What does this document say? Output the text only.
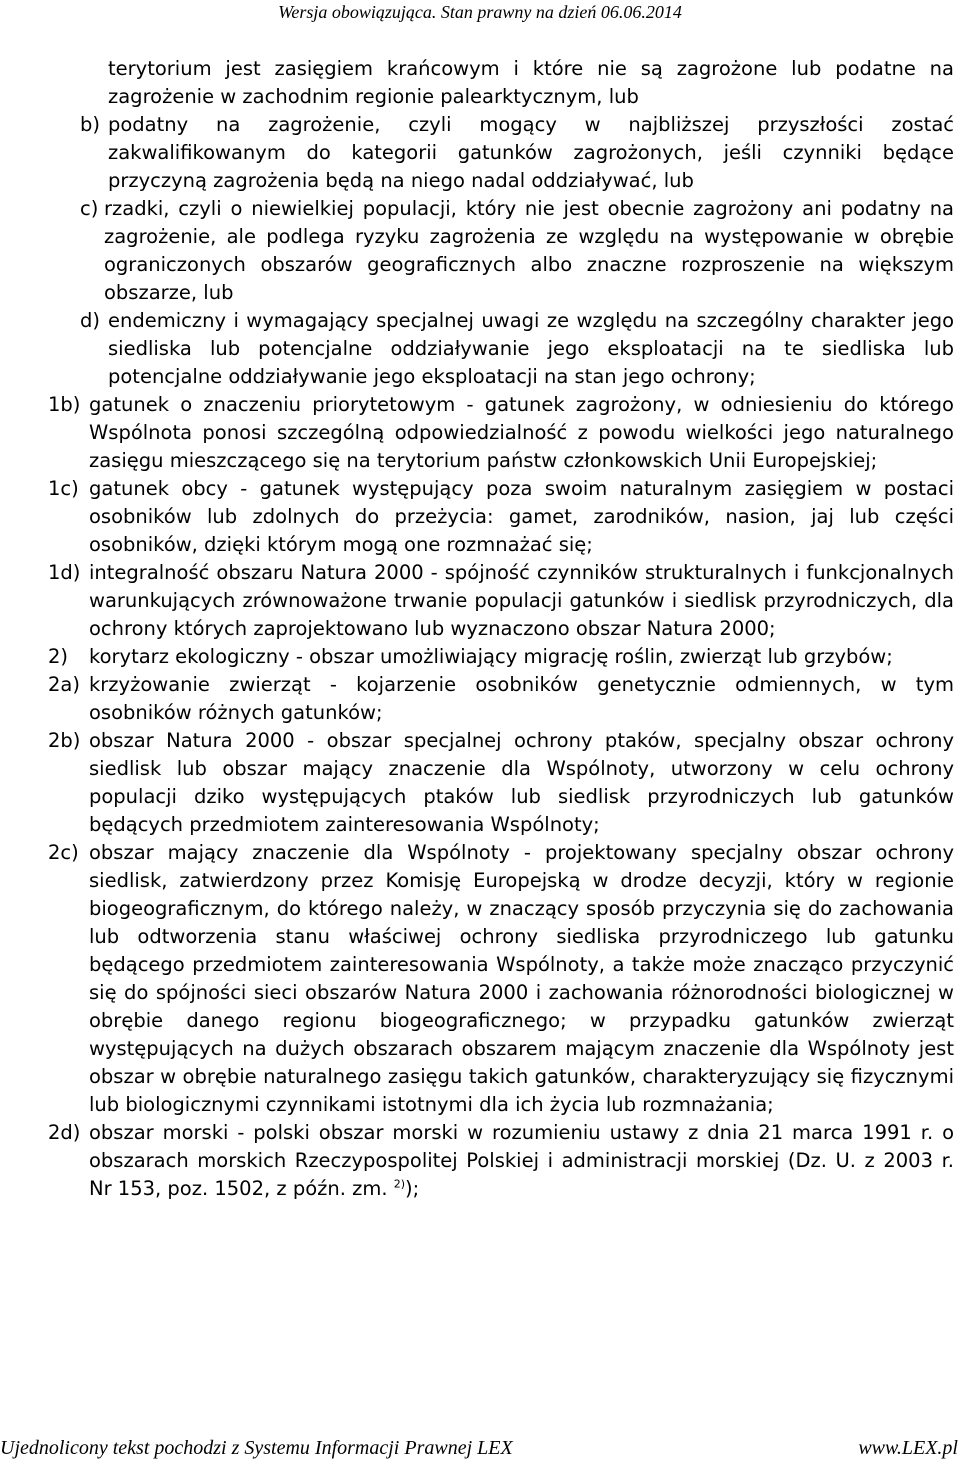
Wersja obowiązująca. Stan prawny na dzień 06.06.2014
terytorium jest zasięgiem krańcowym i które nie są zagrożone lub podatne na zagrożenie w zachodnim regionie palearktycznym, lub
b) podatny na zagrożenie, czyli mogący w najbliższej przyszłości zostać zakwalifikowanym do kategorii gatunków zagrożonych, jeśli czynniki będące przyczyną zagrożenia będą na niego nadal oddziaływać, lub
c) rzadki, czyli o niewielkiej populacji, który nie jest obecnie zagrożony ani podatny na zagrożenie, ale podlega ryzyku zagrożenia ze względu na występowanie w obrębie ograniczonych obszarów geograficznych albo znaczne rozproszenie na większym obszarze, lub
d) endemiczny i wymagający specjalnej uwagi ze względu na szczególny charakter jego siedliska lub potencjalne oddziaływanie jego eksploatacji na te siedliska lub potencjalne oddziaływanie jego eksploatacji na stan jego ochrony;
1b) gatunek o znaczeniu priorytetowym - gatunek zagrożony, w odniesieniu do którego Wspólnota ponosi szczególną odpowiedzialność z powodu wielkości jego naturalnego zasięgu mieszczącego się na terytorium państw członkowskich Unii Europejskiej;
1c) gatunek obcy - gatunek występujący poza swoim naturalnym zasięgiem w postaci osobników lub zdolnych do przeżycia: gamet, zarodników, nasion, jaj lub części osobników, dzięki którym mogą one rozmnażać się;
1d) integralność obszaru Natura 2000 - spójność czynników strukturalnych i funkcjonalnych warunkujących zrównoważone trwanie populacji gatunków i siedlisk przyrodniczych, dla ochrony których zaprojektowano lub wyznaczono obszar Natura 2000;
2) korytarz ekologiczny - obszar umożliwiający migrację roślin, zwierząt lub grzybów;
2a) krzyżowanie zwierząt - kojarzenie osobników genetycznie odmiennych, w tym osobników różnych gatunków;
2b) obszar Natura 2000 - obszar specjalnej ochrony ptaków, specjalny obszar ochrony siedlisk lub obszar mający znaczenie dla Wspólnoty, utworzony w celu ochrony populacji dziko występujących ptaków lub siedlisk przyrodniczych lub gatunków będących przedmiotem zainteresowania Wspólnoty;
2c) obszar mający znaczenie dla Wspólnoty - projektowany specjalny obszar ochrony siedlisk, zatwierdzony przez Komisję Europejską w drodze decyzji, który w regionie biogeograficznym, do którego należy, w znaczący sposób przyczynia się do zachowania lub odtworzenia stanu właściwej ochrony siedliska przyrodniczego lub gatunku będącego przedmiotem zainteresowania Wspólnoty, a także może znacząco przyczynić się do spójności sieci obszarów Natura 2000 i zachowania różnorodności biologicznej w obrębie danego regionu biogeograficznego; w przypadku gatunków zwierząt występujących na dużych obszarach obszarem mającym znaczenie dla Wspólnoty jest obszar w obrębie naturalnego zasięgu takich gatunków, charakteryzujący się fizycznymi lub biologicznymi czynnikami istotnymi dla ich życia lub rozmnażania;
2d) obszar morski - polski obszar morski w rozumieniu ustawy z dnia 21 marca 1991 r. o obszarach morskich Rzeczypospolitej Polskiej i administracji morskiej (Dz. U. z 2003 r. Nr 153, poz. 1502, z późn. zm. $^{2)}$);
Ujednolicony tekst pochodzi z Systemu Informacji Prawnej LEX	www.LEX.pl
